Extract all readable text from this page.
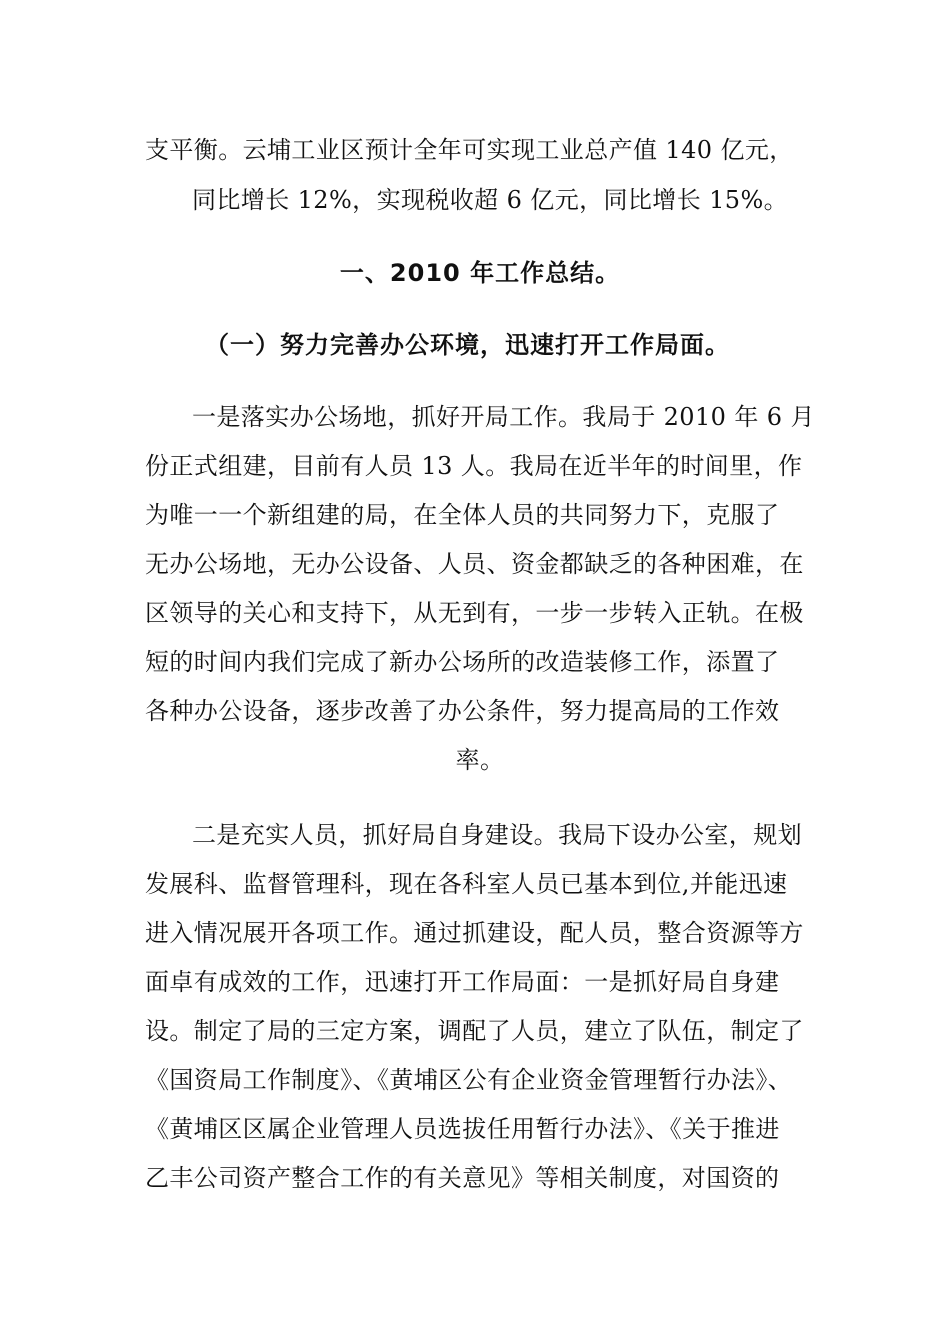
支平衡。云埔工业区预计全年可实现工业总产值 140 亿元，
同比增长 12%，实现税收超 6 亿元，同比增长 15%。
一、2010 年工作总结。
（一）努力完善办公环境，迅速打开工作局面。
一是落实办公场地，抓好开局工作。我局于 2010 年 6 月
份正式组建，目前有人员 13 人。我局在近半年的时间里，作
为唯一一个新组建的局，在全体人员的共同努力下，克服了
无办公场地，无办公设备、人员、资金都缺乏的各种困难，在
区领导的关心和支持下，从无到有，一步一步转入正轨。在极
短的时间内我们完成了新办公场所的改造装修工作，添置了
各种办公设备，逐步改善了办公条件，努力提高局的工作效
率。
二是充实人员，抓好局自身建设。我局下设办公室，规划
发展科、监督管理科，现在各科室人员已基本到位,并能迅速
进入情况展开各项工作。通过抓建设，配人员，整合资源等方
面卓有成效的工作，迅速打开工作局面：一是抓好局自身建
设。制定了局的三定方案，调配了人员，建立了队伍，制定了
《国资局工作制度》、《黄埔区公有企业资金管理暂行办法》、
《黄埔区区属企业管理人员选拔任用暂行办法》、《关于推进
乙丰公司资产整合工作的有关意见》等相关制度，对国资的
